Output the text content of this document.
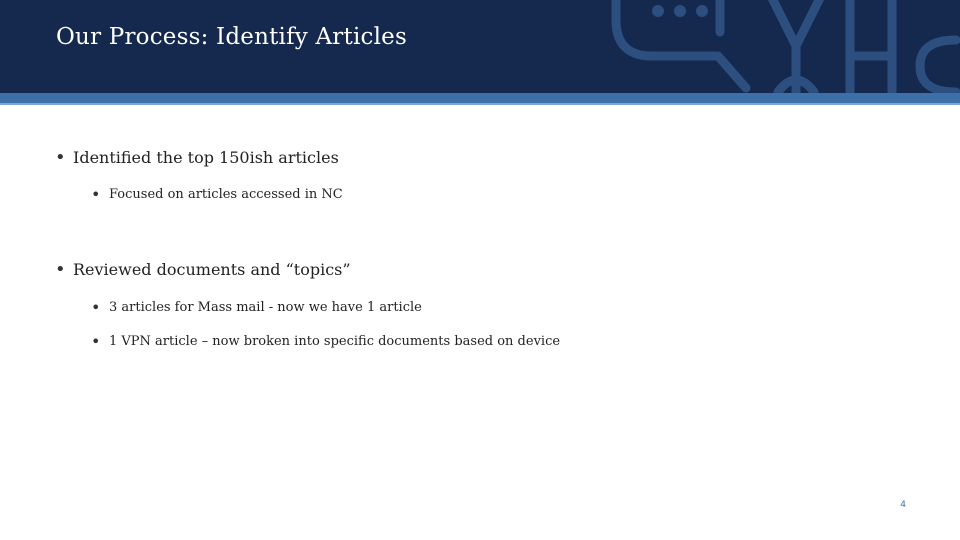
Our Process: Identify Articles
• Identified the top 150ish articles
• Focused on articles accessed in NC
• Reviewed documents and “topics”
• 3 articles for Mass mail - now we have 1 article
• 1 VPN article – now broken into specific documents based on device
4
